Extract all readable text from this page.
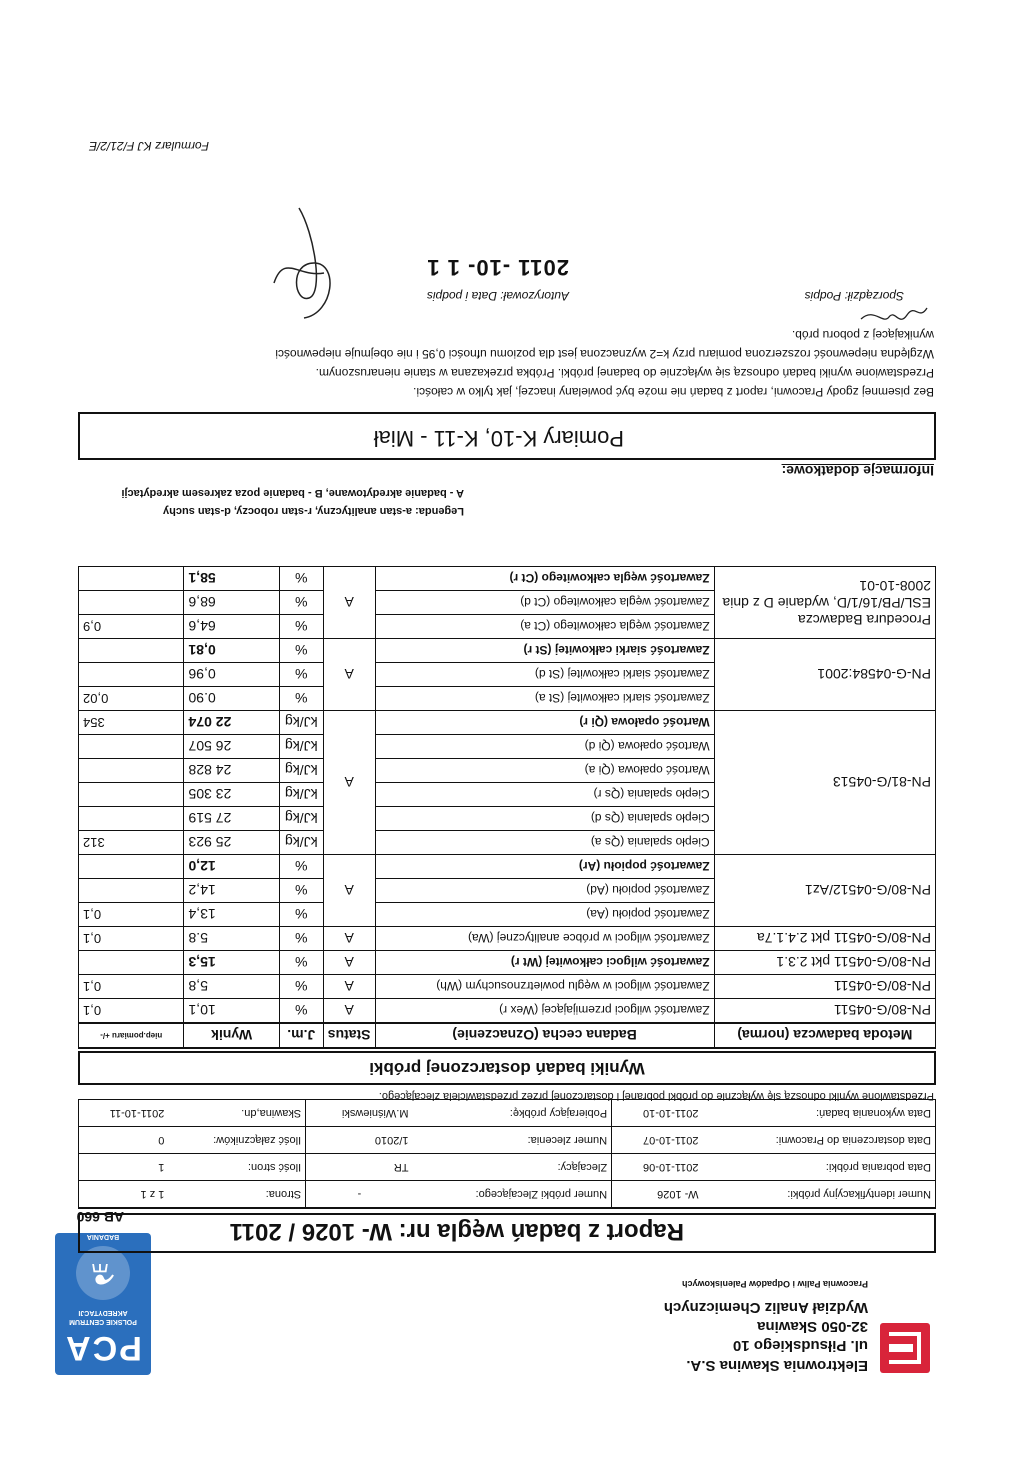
Elektrownia Skawina S.A.
ul. Piłsudskiego 10
32-050 Skawina
Wydział Analiz Chemicznych
Pracownia Paliw i Odpadów Paleniskowych
PCA
POLSKIE CENTRUM AKREDYTACJI
⚗
BADANIA
AB 660
Raport z badań węgla nr: W- 1026 / 2011
Numer identyfikacyjny próbki:	W- 1026	Numer próbki Zlecającego:	-	Strona:	1 z 1
Data pobrania próbki:	2011-10-06	Zlecający:	TR	Ilość stron:	1
Data dostarczenia do Pracowni:	2011-10-07	Numer zlecenia:	1/2010	Ilość załączników:	0
Data wykonania badań:	2011-10-10	Pobierający próbkę:	M.Wiśniewski	Skawina,dn.	2011-10-11
Przedstawione wyniki odnoszą się wyłącznie do próbki pobranej i dostarczonej przez przedstawiciela zlecającego.
Wyniki badań dostarczonej próbki
Metoda badawcza (norma)	Badana cecha (Oznaczenie)	Status	J.m.	Wynik	niep.pomiaru +/-
PN-80/G-04511	Zawartość wilgoci przemijającej (Wex r)	A	%	10,1	0,1
PN-80/G-04511	Zawartość wilgoci w węglu powietrznosuchym (Wh)	A	%	5,8	0,1
PN-80/G-04511 pkt 2.3.1	Zawartość wilgoci całkowitej (Wt r)	A	%	15,3	
PN-80/G-04511 pkt 2.4.1.7a	Zawartość wilgoci w próbce analitycznej (Wa)	A	%	5.8	0,1
PN-80/G-04512/Az1	Zawartość popiołu (Aa)	A	%	13,4	0,1
	Zawartość popiołu (Ad)		%	14,2	
	Zawartość popiołu (Ar)		%	12,0	
PN-81/G-04513	Ciepło spalania (Qs a)	A	kJ/kg	25 923	312
	Ciepło spalania (Qs d)		kJ/kg	27 519	
	Ciepło spalania (Qs r)		kJ/kg	23 305	
	Wartość opałowa (Qi a)		kJ/kg	24 828	
	Wartość opałowa (Qi d)		kJ/kg	26 507	
	Wartość opałowa (Qi r)		kJ/kg	22 074	354
PN-G-04584:2001	Zawartość siarki całkowitej (St a)	A	%	0.90	0,02
	Zawartość siarki całkowitej (St d)		%	0,96	
	Zawartość siarki całkowitej (St r)		%	0,81	
Procedura Badawcza ESL/PB/16/1/D, wydanie D z dnia 2008-10-01	Zawartość węgla całkowitego (Ct a)	A	%	64,6	0,9
	Zawartość węgla całkowitego (Ct d)		%	68,6	
	Zawartość węgla całkowitego (Ct r)		%	58,1	
Legenda: a-stan analityczny, r-stan roboczy, d-stan suchy
A - badanie akredytowane, B - badanie poza zakresem akredytacji
Informacje dodatkowe:
Pomiary K-10, K-11 - Miał
Bez pisemnej zgody Pracowni, raport z badań nie może być powielany inaczej, jak tylko w całości.
Przedstawione wyniki badań odnoszą się wyłącznie do badanej próbki. Próbka przekazana w stanie nienaruszonym.
Względna niepewność rozszerzona pomiaru przy k=2 wyznaczona jest dla poziomu ufności 0,95 i nie obejmuje niepewności
wynikającej z poboru prób.
Sporządził: Podpis
Autoryzował: Data i podpis
2011 -10- 1 1
Formularz KJ F/21/2/E
